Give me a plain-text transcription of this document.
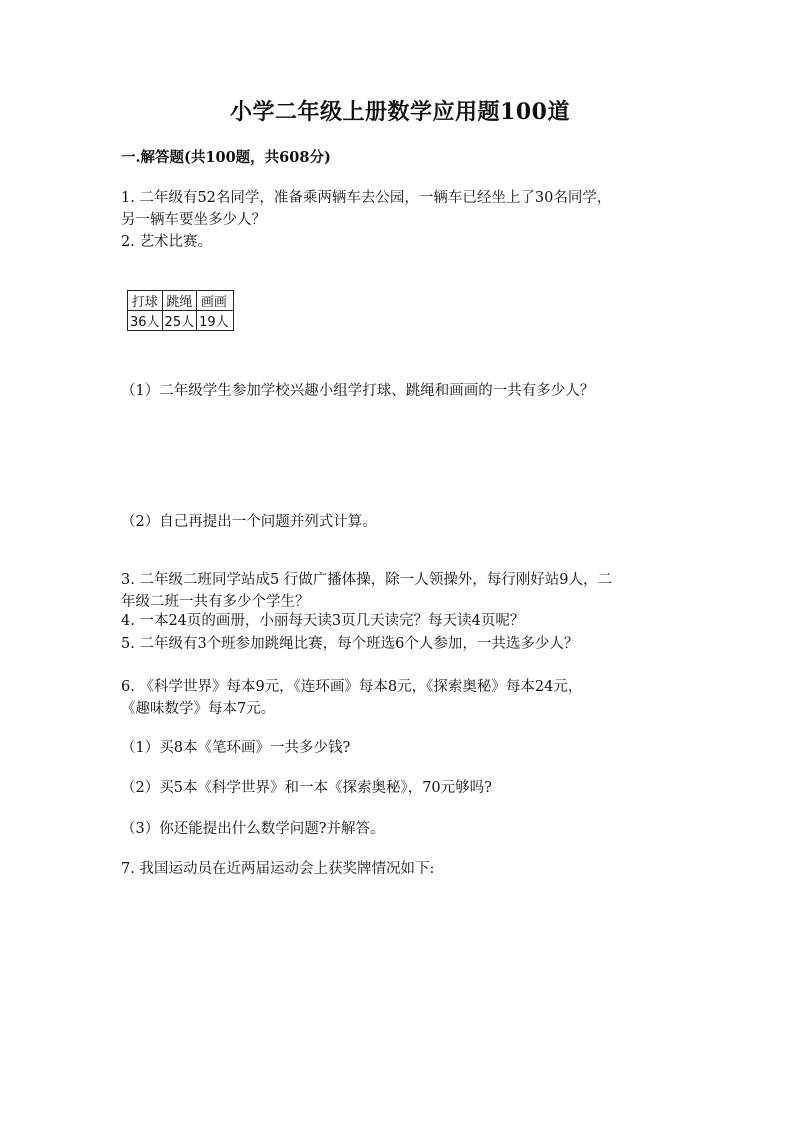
小学二年级上册数学应用题100道
一.解答题(共100题，共608分)
1. 二年级有52名同学，准备乘两辆车去公园，一辆车已经坐上了30名同学，
另一辆车要坐多少人？
2. 艺术比赛。
打球	跳绳	画画
36人	25人	19人
（1）二年级学生参加学校兴趣小组学打球、跳绳和画画的一共有多少人？
（2）自己再提出一个问题并列式计算。
3. 二年级二班同学站成5 行做广播体操，除一人领操外，每行刚好站9人，二
年级二班一共有多少个学生？
4. 一本24页的画册，小丽每天读3页几天读完？每天读4页呢？
5. 二年级有3个班参加跳绳比赛，每个班选6个人参加，一共选多少人？
6. 《科学世界》每本9元，《连环画》每本8元，《探索奥秘》每本24元，
《趣味数学》每本7元。
（1）买8本《笔环画》一共多少钱?
（2）买5本《科学世界》和一本《探索奥秘》，70元够吗?
（3）你还能提出什么数学问题?并解答。
7. 我国运动员在近两届运动会上获奖牌情况如下:
